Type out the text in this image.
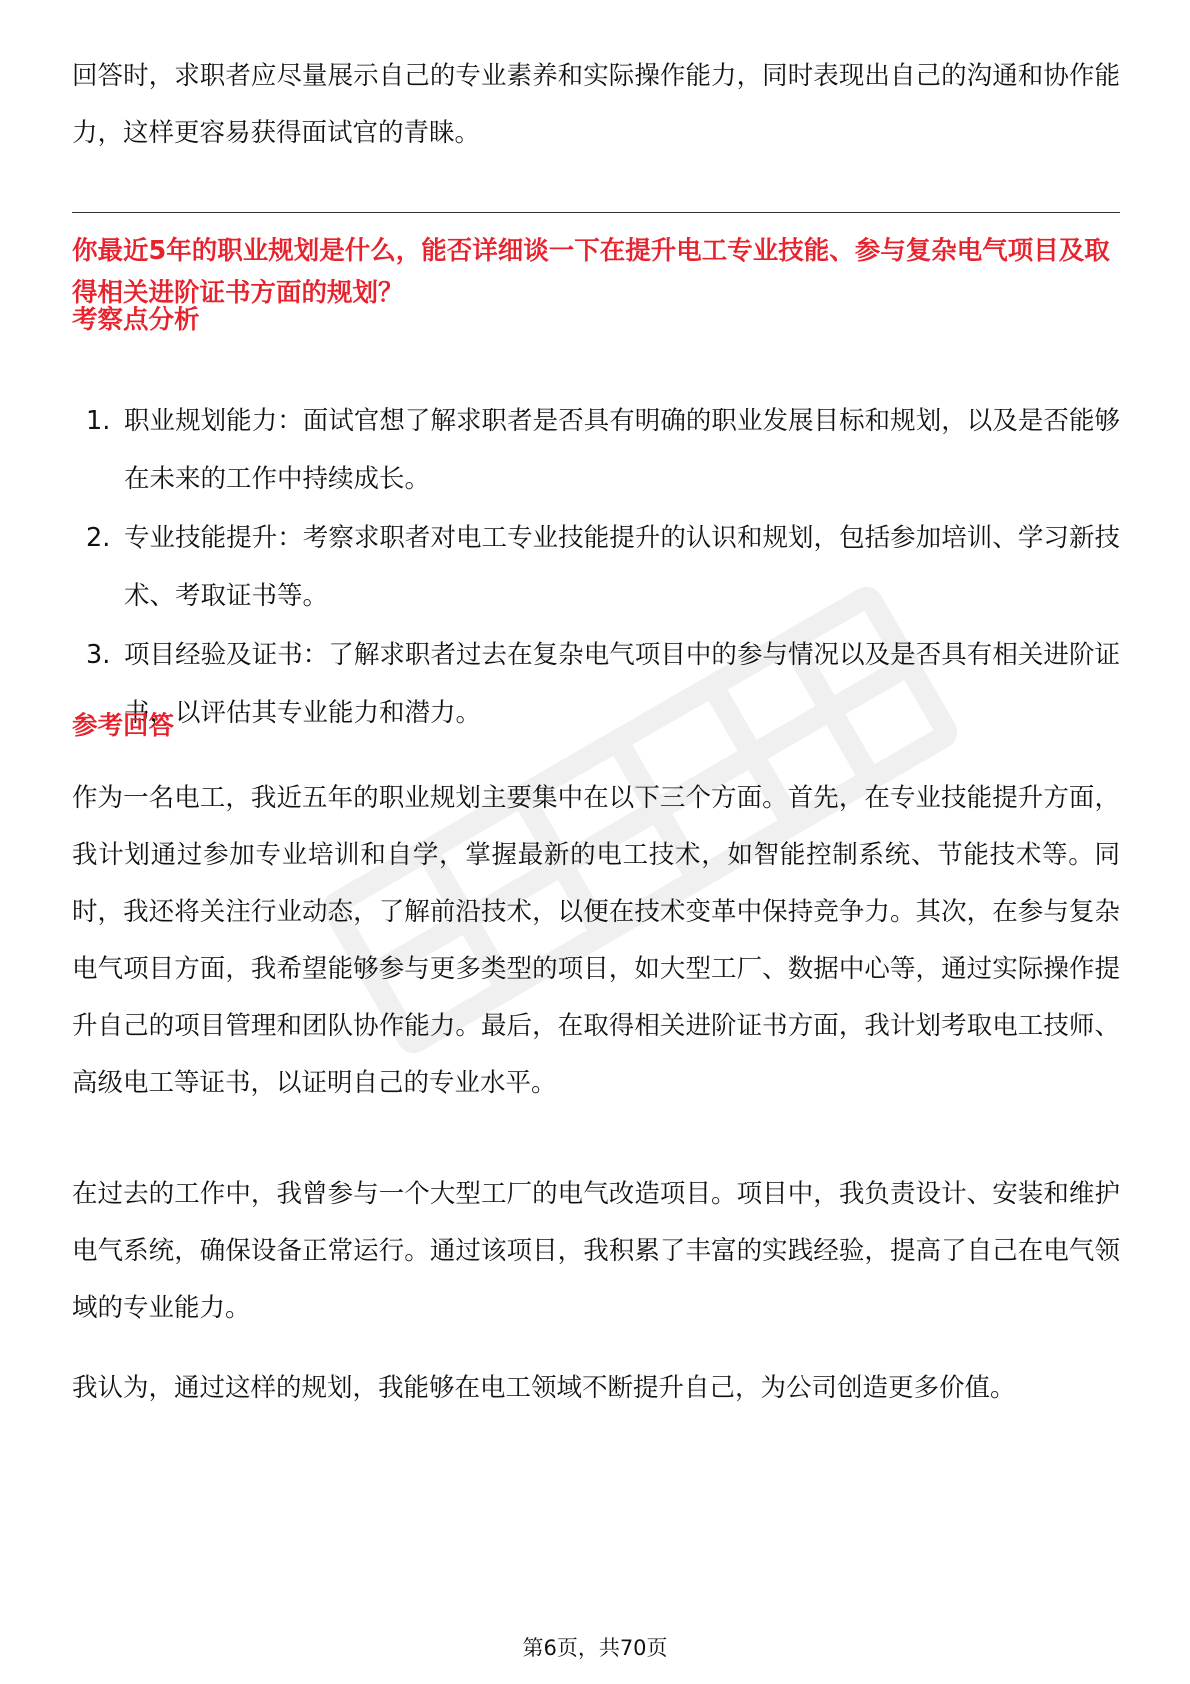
回答时，求职者应尽量展示自己的专业素养和实际操作能力，同时表现出自己的沟通和协作能力，这样更容易获得面试官的青睐。

你最近5年的职业规划是什么，能否详细谈一下在提升电工专业技能、参与复杂电气项目及取得相关进阶证书方面的规划？

考察点分析

1. 职业规划能力：面试官想了解求职者是否具有明确的职业发展目标和规划，以及是否能够在未来的工作中持续成长。
2. 专业技能提升：考察求职者对电工专业技能提升的认识和规划，包括参加培训、学习新技术、考取证书等。
3. 项目经验及证书：了解求职者过去在复杂电气项目中的参与情况以及是否具有相关进阶证书，以评估其专业能力和潜力。

参考回答

作为一名电工，我近五年的职业规划主要集中在以下三个方面。首先，在专业技能提升方面，我计划通过参加专业培训和自学，掌握最新的电工技术，如智能控制系统、节能技术等。同时，我还将关注行业动态，了解前沿技术，以便在技术变革中保持竞争力。其次，在参与复杂电气项目方面，我希望能够参与更多类型的项目，如大型工厂、数据中心等，通过实际操作提升自己的项目管理和团队协作能力。最后，在取得相关进阶证书方面，我计划考取电工技师、高级电工等证书，以证明自己的专业水平。

在过去的工作中，我曾参与一个大型工厂的电气改造项目。项目中，我负责设计、安装和维护电气系统，确保设备正常运行。通过该项目，我积累了丰富的实践经验，提高了自己在电气领域的专业能力。

我认为，通过这样的规划，我能够在电工领域不断提升自己，为公司创造更多价值。

第6页，共70页
